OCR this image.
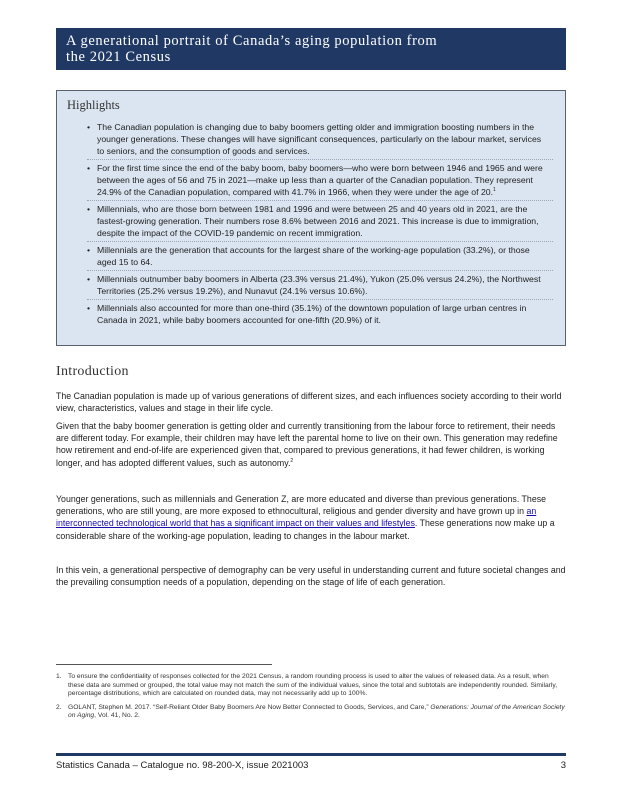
A generational portrait of Canada’s aging population from
the 2021 Census
Highlights
• The Canadian population is changing due to baby boomers getting older and immigration boosting numbers in the younger generations. These changes will have significant consequences, particularly on the labour market, services to seniors, and the consumption of goods and services.
• For the first time since the end of the baby boom, baby boomers—who were born between 1946 and 1965 and were between the ages of 56 and 75 in 2021—make up less than a quarter of the Canadian population. They represent 24.9% of the Canadian population, compared with 41.7% in 1966, when they were under the age of 20.$^1$
• Millennials, who are those born between 1981 and 1996 and were between 25 and 40 years old in 2021, are the fastest-growing generation. Their numbers rose 8.6% between 2016 and 2021. This increase is due to immigration, despite the impact of the COVID-19 pandemic on recent immigration.
• Millennials are the generation that accounts for the largest share of the working-age population (33.2%), or those aged 15 to 64.
• Millennials outnumber baby boomers in Alberta (23.3% versus 21.4%), Yukon (25.0% versus 24.2%), the Northwest Territories (25.2% versus 19.2%), and Nunavut (24.1% versus 10.6%).
• Millennials also accounted for more than one-third (35.1%) of the downtown population of large urban centres in Canada in 2021, while baby boomers accounted for one-fifth (20.9%) of it.
Introduction

The Canadian population is made up of various generations of different sizes, and each influences society according to their world view, characteristics, values and stage in their life cycle.

Given that the baby boomer generation is getting older and currently transitioning from the labour force to retirement, their needs are different today. For example, their children may have left the parental home to live on their own. This generation may redefine how retirement and end-of-life are experienced given that, compared to previous generations, it had fewer children, is working longer, and has adopted different values, such as autonomy.$^2$

Younger generations, such as millennials and Generation Z, are more educated and diverse than previous generations. These generations, who are still young, are more exposed to ethnocultural, religious and gender diversity and have grown up in an interconnected technological world that has a significant impact on their values and lifestyles. These generations now make up a considerable share of the working-age population, leading to changes in the labour market.

In this vein, a generational perspective of demography can be very useful in understanding current and future societal changes and the prevailing consumption needs of a population, depending on the stage of life of each generation.

1. To ensure the confidentiality of responses collected for the 2021 Census, a random rounding process is used to alter the values of released data. As a result, when these data are summed or grouped, the total value may not match the sum of the individual values, since the total and subtotals are independently rounded. Similarly, percentage distributions, which are calculated on rounded data, may not necessarily add up to 100%.
2. GOLANT, Stephen M. 2017. “Self-Reliant Older Baby Boomers Are Now Better Connected to Goods, Services, and Care,” Generations: Journal of the American Society on Aging, Vol. 41, No. 2.
Statistics Canada – Catalogue no. 98-200-X, issue 2021003	3
